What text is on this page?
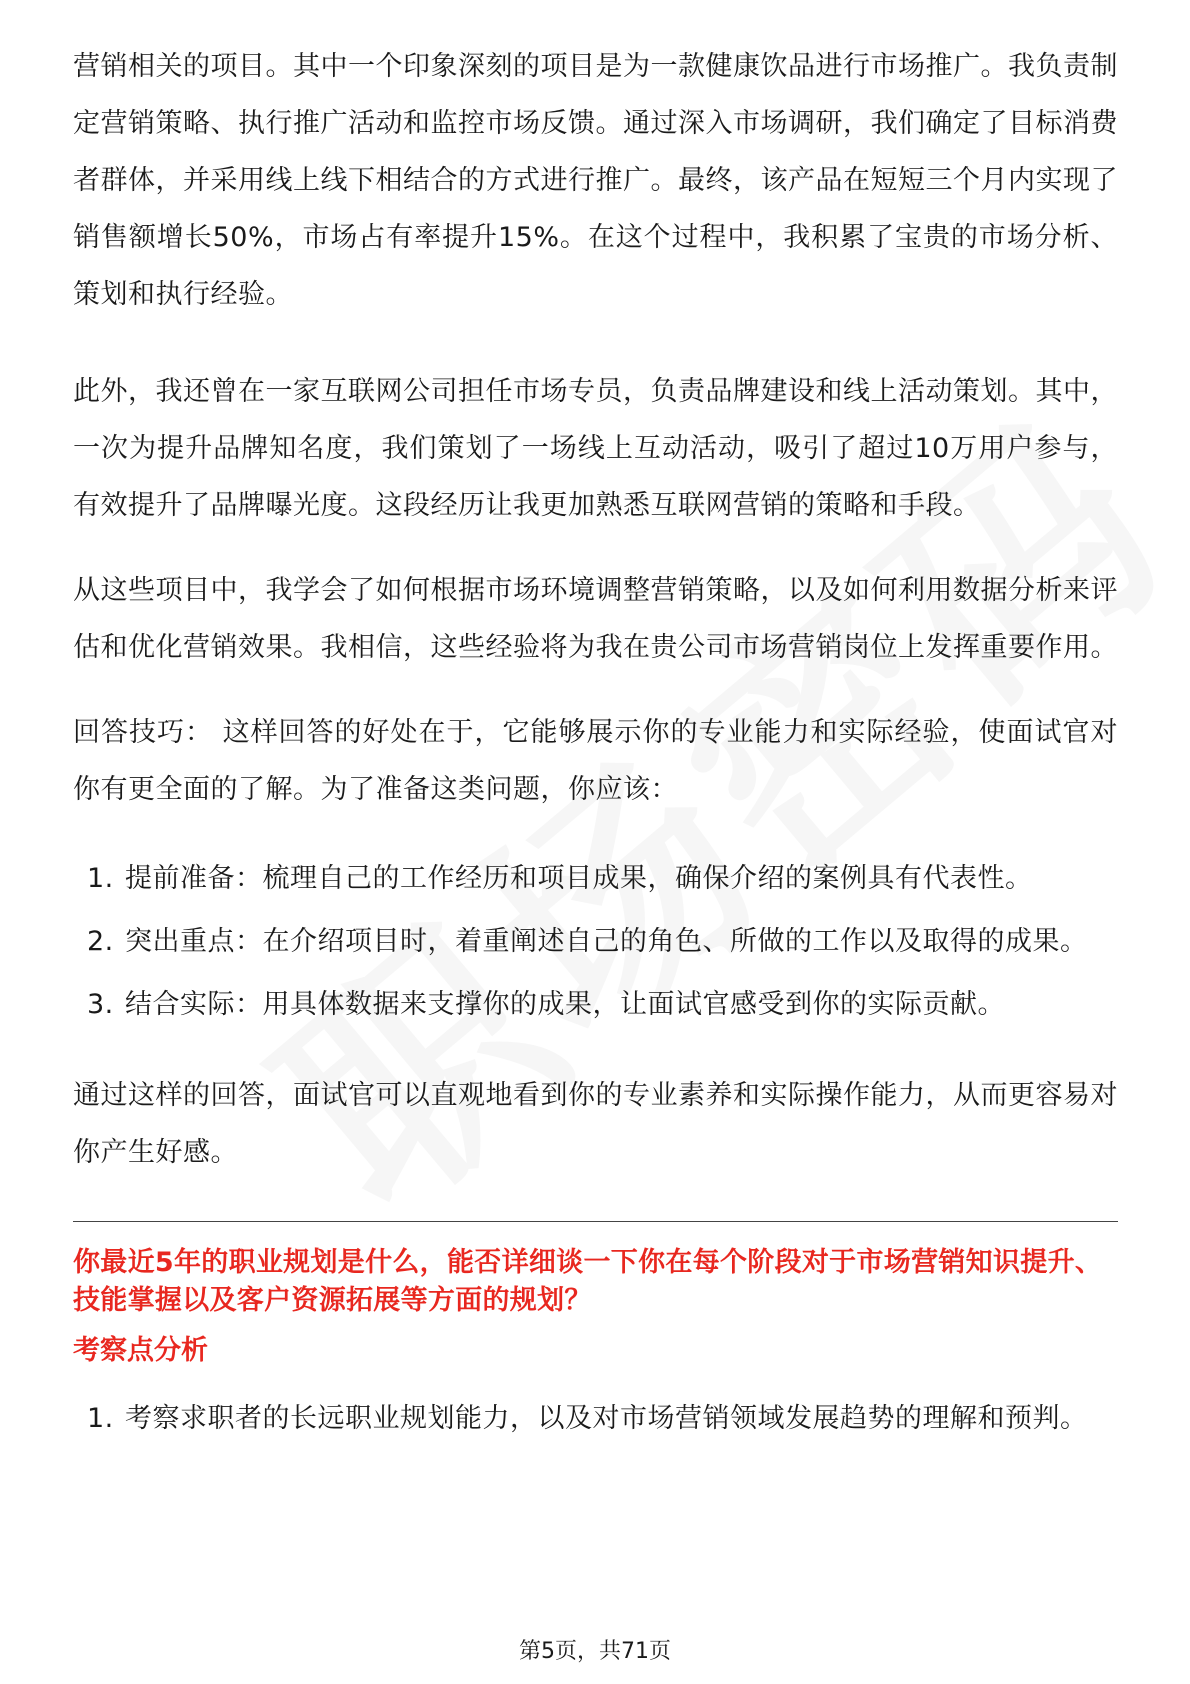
营销相关的项目。其中一个印象深刻的项目是为一款健康饮品进行市场推广。我负责制定营销策略、执行推广活动和监控市场反馈。通过深入市场调研，我们确定了目标消费者群体，并采用线上线下相结合的方式进行推广。最终，该产品在短短三个月内实现了销售额增长50%，市场占有率提升15%。在这个过程中，我积累了宝贵的市场分析、策划和执行经验。

此外，我还曾在一家互联网公司担任市场专员，负责品牌建设和线上活动策划。其中，一次为提升品牌知名度，我们策划了一场线上互动活动，吸引了超过10万用户参与，有效提升了品牌曝光度。这段经历让我更加熟悉互联网营销的策略和手段。

从这些项目中，我学会了如何根据市场环境调整营销策略，以及如何利用数据分析来评估和优化营销效果。我相信，这些经验将为我在贵公司市场营销岗位上发挥重要作用。

回答技巧： 这样回答的好处在于，它能够展示你的专业能力和实际经验，使面试官对你有更全面的了解。为了准备这类问题，你应该：

1. 提前准备：梳理自己的工作经历和项目成果，确保介绍的案例具有代表性。
2. 突出重点：在介绍项目时，着重阐述自己的角色、所做的工作以及取得的成果。
3. 结合实际：用具体数据来支撑你的成果，让面试官感受到你的实际贡献。

通过这样的回答，面试官可以直观地看到你的专业素养和实际操作能力，从而更容易对你产生好感。

你最近5年的职业规划是什么，能否详细谈一下你在每个阶段对于市场营销知识提升、技能掌握以及客户资源拓展等方面的规划？

考察点分析

1. 考察求职者的长远职业规划能力，以及对市场营销领域发展趋势的理解和预判。
第5页，共71页
